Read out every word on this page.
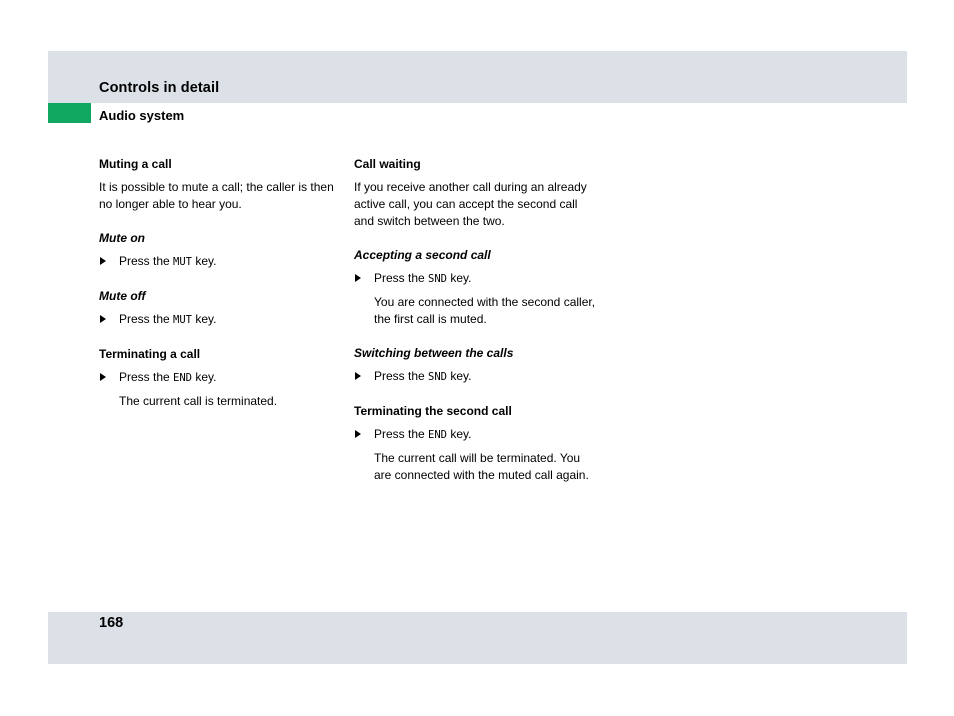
Controls in detail
Audio system
Muting a call
It is possible to mute a call; the caller is then no longer able to hear you.
Mute on
Press the MUT key.
Mute off
Press the MUT key.
Terminating a call
Press the END key.
The current call is terminated.
Call waiting
If you receive another call during an already active call, you can accept the second call and switch between the two.
Accepting a second call
Press the SND key.
You are connected with the second caller, the first call is muted.
Switching between the calls
Press the SND key.
Terminating the second call
Press the END key.
The current call will be terminated. You are connected with the muted call again.
168
